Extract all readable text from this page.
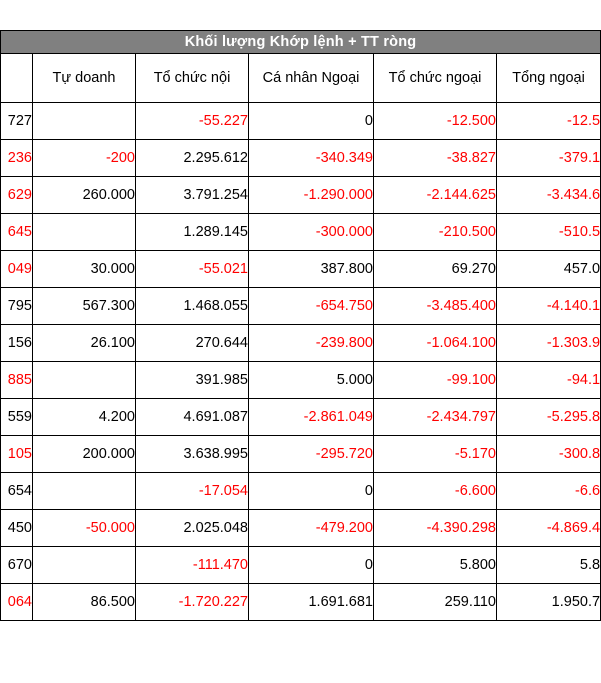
Khối lượng Khớp lệnh + TT ròng					
	Tự doanh	Tổ chức nội	Cá nhân Ngoại	Tổ chức ngoại	Tổng ngoại
727		-55.227	0	-12.500	-12.5
236	-200	2.295.612	-340.349	-38.827	-379.1
629	260.000	3.791.254	-1.290.000	-2.144.625	-3.434.6
645		1.289.145	-300.000	-210.500	-510.5
049	30.000	-55.021	387.800	69.270	457.0
795	567.300	1.468.055	-654.750	-3.485.400	-4.140.1
156	26.100	270.644	-239.800	-1.064.100	-1.303.9
885		391.985	5.000	-99.100	-94.1
559	4.200	4.691.087	-2.861.049	-2.434.797	-5.295.8
105	200.000	3.638.995	-295.720	-5.170	-300.8
654		-17.054	0	-6.600	-6.6
450	-50.000	2.025.048	-479.200	-4.390.298	-4.869.4
670		-111.470	0	5.800	5.8
064	86.500	-1.720.227	1.691.681	259.110	1.950.7
